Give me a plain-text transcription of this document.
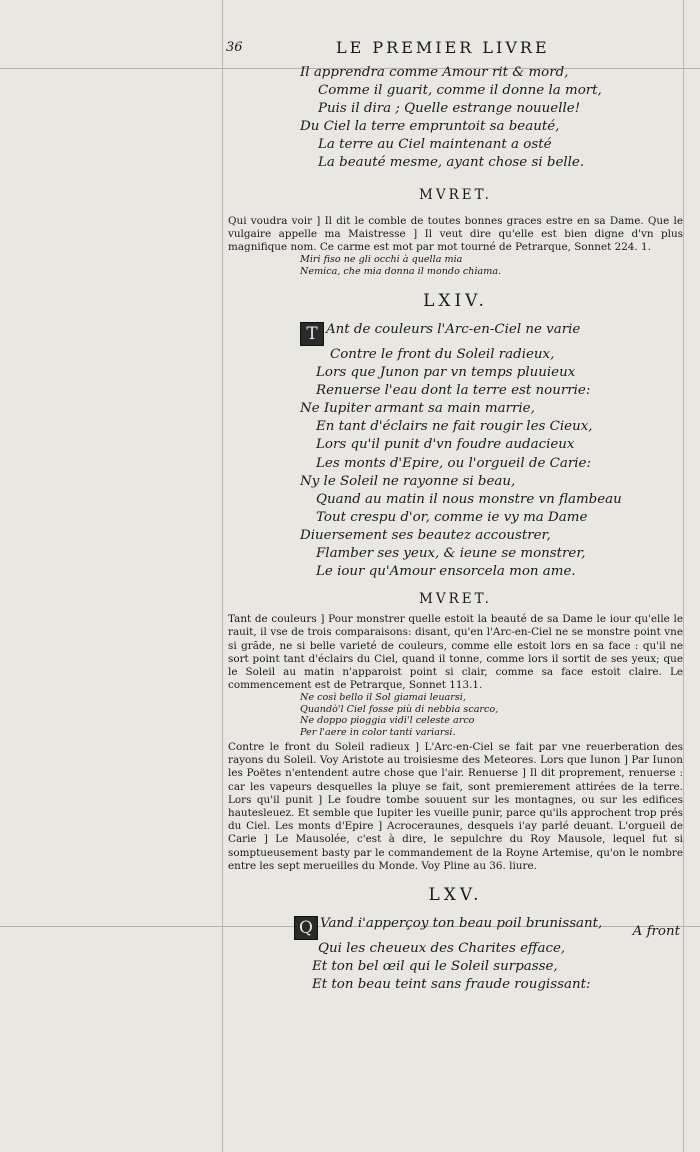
36	LE PREMIER LIVRE
Il apprendra comme Amour rit & mord,
Comme il guarit, comme il donne la mort,
Puis il dira ; Quelle estrange nouuelle!
Du Ciel la terre empruntoit sa beauté,
La terre au Ciel maintenant a osté
La beauté mesme, ayant chose si belle.
MVRET.

Qui voudra voir ] Il dit le comble de toutes bonnes graces estre en sa Dame. Que le vulgaire appelle ma Maistresse ] Il veut dire qu'elle est bien digne d'vn plus magnifique nom. Ce carme est mot par mot tourné de Petrarque, Sonnet 224. 1.

Miri fiso ne gli occhi à quella mia
Nemica, che mia donna il mondo chiama.
LXIV.
T Ant de couleurs l'Arc-en-Ciel ne varie
Contre le front du Soleil radieux,
Lors que Junon par vn temps pluuieux
Renuerse l'eau dont la terre est nourrie:
Ne Iupiter armant sa main marrie,
En tant d'éclairs ne fait rougir les Cieux,
Lors qu'il punit d'vn foudre audacieux
Les monts d'Epire, ou l'orgueil de Carie:
Ny le Soleil ne rayonne si beau,
Quand au matin il nous monstre vn flambeau
Tout crespu d'or, comme ie vy ma Dame
Diuersement ses beautez accoustrer,
Flamber ses yeux, & ieune se monstrer,
Le iour qu'Amour ensorcela mon ame.
MVRET.

Tant de couleurs ] Pour monstrer quelle estoit la beauté de sa Dame le iour qu'elle le rauit, il vse de trois comparaisons: disant, qu'en l'Arc-en-Ciel ne se monstre point vne si grãde, ne si belle varieté de couleurs, comme elle estoit lors en sa face : qu'il ne sort point tant d'éclairs du Ciel, quand il tonne, comme lors il sortit de ses yeux; que le Soleil au matin n'apparoist point si clair, comme sa face estoit claire. Le commencement est de Petrarque, Sonnet 113.1.

Ne così bello il Sol giamai leuarsi,
Quandò'l Ciel fosse più di nebbia scarco,
Ne doppo pioggia vidi'l celeste arco
Per l'aere in color tanti variarsi.

Contre le front du Soleil radieux ] L'Arc-en-Ciel se fait par vne reuerberation des rayons du Soleil. Voy Aristote au troisiesme des Meteores. Lors que Iunon ] Par Iunon les Poëtes n'entendent autre chose que l'air. Renuerse ] Il dit proprement, renuerse : car les vapeurs desquelles la pluye se fait, sont premierement attirées de la terre. Lors qu'il punit ] Le foudre tombe souuent sur les montagnes, ou sur les edifices hautesleuez. Et semble que Iupiter les vueille punir, parce qu'ils approchent trop prés du Ciel. Les monts d'Epire ] Acroceraunes, desquels i'ay parlé deuant. L'orgueil de Carie ] Le Mausolée, c'est à dire, le sepulchre du Roy Mausole, lequel fut si somptueusement basty par le commandement de la Royne Artemise, qu'on le nombre entre les sept merueilles du Monde. Voy Pline au 36. liure.

LXV.
Q Vand i'apperçoy ton beau poil brunissant,
Qui les cheueux des Charites efface,
Et ton bel œil qui le Soleil surpasse,
Et ton beau teint sans fraude rougissant:
A front
